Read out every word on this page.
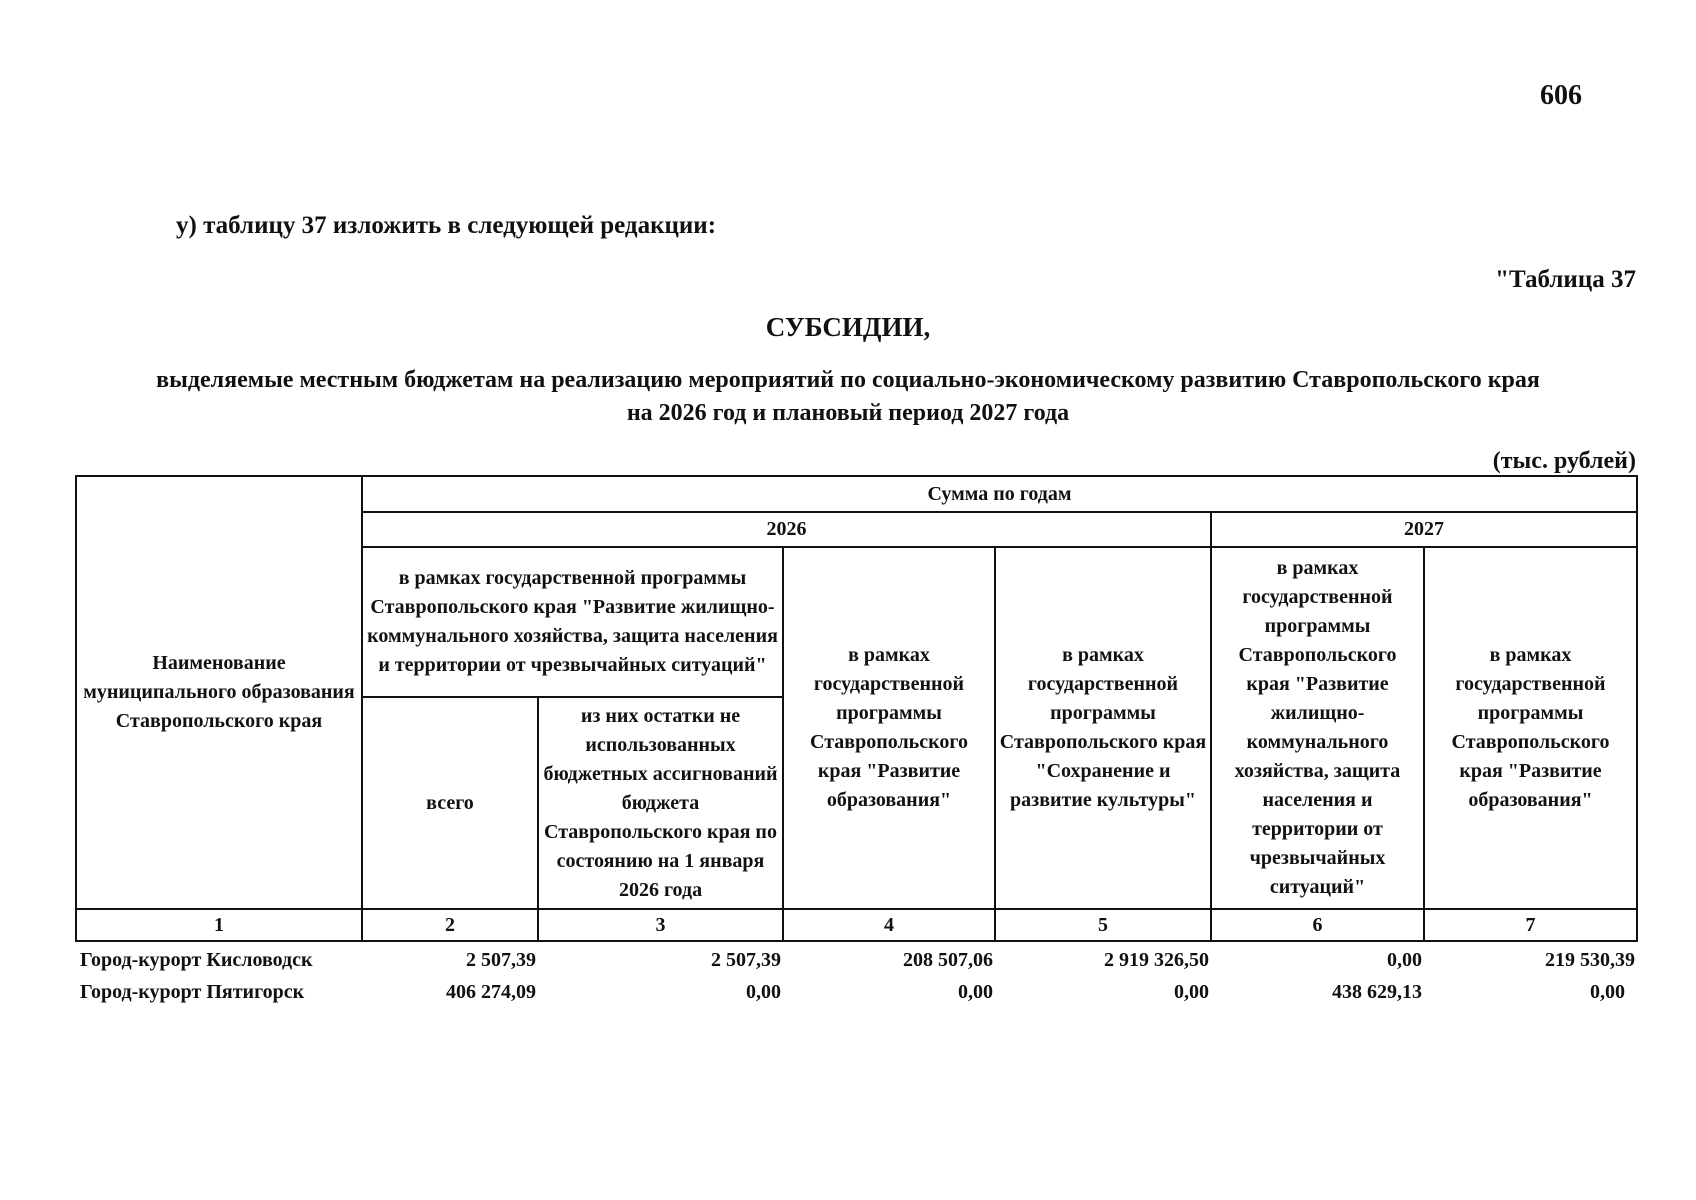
606
у) таблицу 37 изложить в следующей редакции:
"Таблица 37
СУБСИДИИ,
выделяемые местным бюджетам на реализацию мероприятий по социально-экономическому развитию Ставропольского края
на 2026 год и плановый период 2027 года
(тыс. рублей)
Наименование муниципального образования Ставропольского края	Сумма по годам					
	2026				2027	
	в рамках государственной программы Ставропольского края "Развитие жилищно-коммунального хозяйства, защита населения и территории от чрезвычайных ситуаций"		в рамках государственной программы Ставропольского края "Развитие образования"	в рамках государственной программы Ставропольского края "Сохранение и развитие культуры"	в рамках государственной программы Ставропольского края "Развитие жилищно-коммунального хозяйства, защита населения и территории от чрезвычайных ситуаций"	в рамках государственной программы Ставропольского края "Развитие образования"
	всего	из них остатки не использованных бюджетных ассигнований бюджета Ставропольского края по состоянию на 1 января 2026 года				
1	2	3	4	5	6	7
Город-курорт Кисловодск	2 507,39	2 507,39	208 507,06	2 919 326,50	0,00	219 530,39
Город-курорт Пятигорск	406 274,09	0,00	0,00	0,00	438 629,13	0,00
